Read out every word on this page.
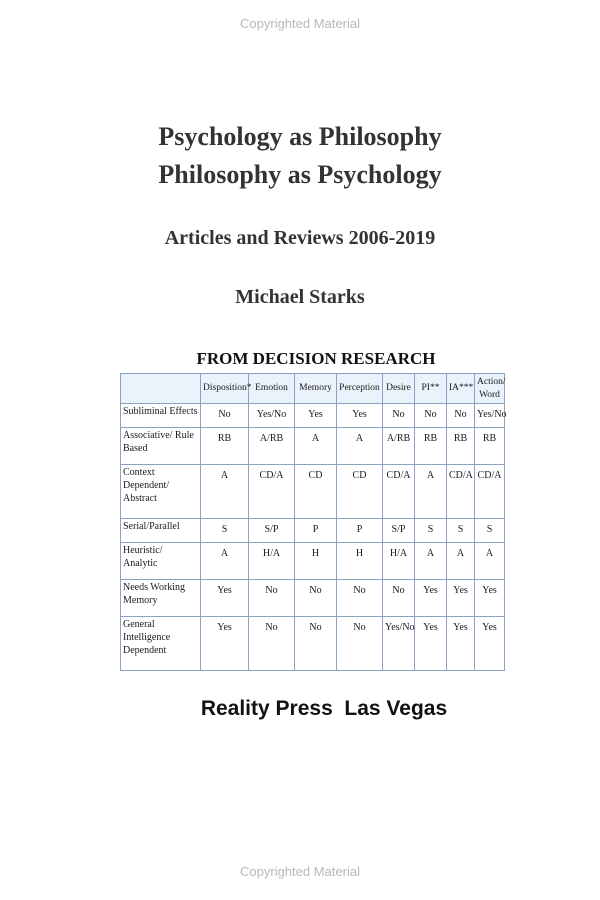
Copyrighted Material
Psychology as Philosophy
Philosophy as Psychology
Articles and Reviews 2006-2019
Michael Starks
FROM DECISION RESEARCH
	Disposition*	Emotion	Memory	Perception	Desire	PI**	IA***	Action/ Word
Subliminal Effects	No	Yes/No	Yes	Yes	No	No	No	Yes/No
Associative/ Rule Based	RB	A/RB	A	A	A/RB	RB	RB	RB
Context Dependent/ Abstract	A	CD/A	CD	CD	CD/A	A	CD/A	CD/A
Serial/Parallel	S	S/P	P	P	S/P	S	S	S
Heuristic/ Analytic	A	H/A	H	H	H/A	A	A	A
Needs Working Memory	Yes	No	No	No	No	Yes	Yes	Yes
General Intelligence Dependent	Yes	No	No	No	Yes/No	Yes	Yes	Yes
Reality Press  Las Vegas
Copyrighted Material
